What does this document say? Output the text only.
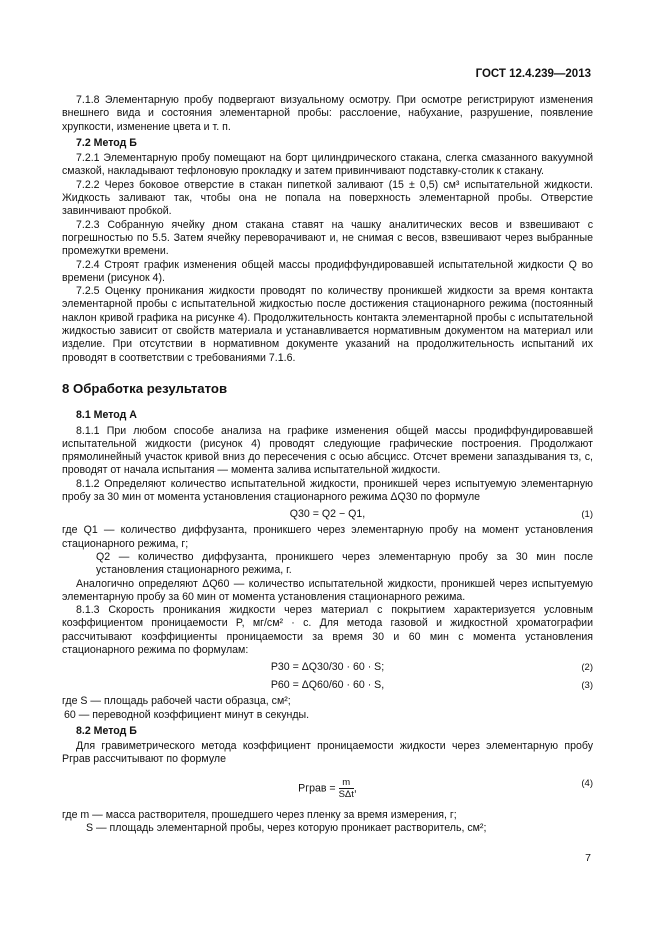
ГОСТ 12.4.239—2013

7.1.8 Элементарную пробу подвергают визуальному осмотру. При осмотре регистрируют изменения внешнего вида и состояния элементарной пробы: расслоение, набухание, разрушение, появление хрупкости, изменение цвета и т. п.

7.2 Метод Б

7.2.1 Элементарную пробу помещают на борт цилиндрического стакана, слегка смазанного вакуумной смазкой, накладывают тефлоновую прокладку и затем привинчивают подставку-столик к стакану.

7.2.2 Через боковое отверстие в стакан пипеткой заливают (15 ± 0,5) см³ испытательной жидкости. Жидкость заливают так, чтобы она не попала на поверхность элементарной пробы. Отверстие завинчивают пробкой.

7.2.3 Собранную ячейку дном стакана ставят на чашку аналитических весов и взвешивают с погрешностью по 5.5. Затем ячейку переворачивают и, не снимая с весов, взвешивают через выбранные промежутки времени.

7.2.4 Строят график изменения общей массы продиффундировавшей испытательной жидкости Q во времени (рисунок 4).

7.2.5 Оценку проникания жидкости проводят по количеству проникшей жидкости за время контакта элементарной пробы с испытательной жидкостью после достижения стационарного режима (постоянный наклон кривой графика на рисунке 4). Продолжительность контакта элементарной пробы с испытательной жидкостью зависит от свойств материала и устанавливается нормативным документом на материал или изделие. При отсутствии в нормативном документе указаний на продолжительность испытаний их проводят в соответствии с требованиями 7.1.6.

8 Обработка результатов

8.1 Метод А

8.1.1 При любом способе анализа на графике изменения общей массы продиффундировавшей испытательной жидкости (рисунок 4) проводят следующие графические построения. Продолжают прямолинейный участок кривой вниз до пересечения с осью абсцисс. Отсчет времени запаздывания τз, с, проводят от начала испытания — момента залива испытательной жидкости.

8.1.2 Определяют количество испытательной жидкости, проникшей через испытуемую элементарную пробу за 30 мин от момента установления стационарного режима ΔQ30 по формуле

Q30 = Q2 − Q1,	(1)

где Q1 — количество диффузанта, проникшего через элементарную пробу на момент установления стационарного режима, г;

Q2 — количество диффузанта, проникшего через элементарную пробу за 30 мин после установления стационарного режима, г.

Аналогично определяют ΔQ60 — количество испытательной жидкости, проникшей через испытуемую элементарную пробу за 60 мин от момента установления стационарного режима.

8.1.3 Скорость проникания жидкости через материал с покрытием характеризуется условным коэффициентом проницаемости P, мг/см² · с. Для метода газовой и жидкостной хроматографии рассчитывают коэффициенты проницаемости за время 30 и 60 мин с момента установления стационарного режима по формулам:

P30 = ΔQ30/30 · 60 · S;	(2)
P60 = ΔQ60/60 · 60 · S,	(3)

где S — площадь рабочей части образца, см²;

60 — переводной коэффициент минут в секунды.

8.2 Метод Б

Для гравиметрического метода коэффициент проницаемости жидкости через элементарную пробу Pграв рассчитывают по формуле

Pграв = m
SΔt
,	(4)

где m — масса растворителя, прошедшего через пленку за время измерения, г;

S — площадь элементарной пробы, через которую проникает растворитель, см²;

7
